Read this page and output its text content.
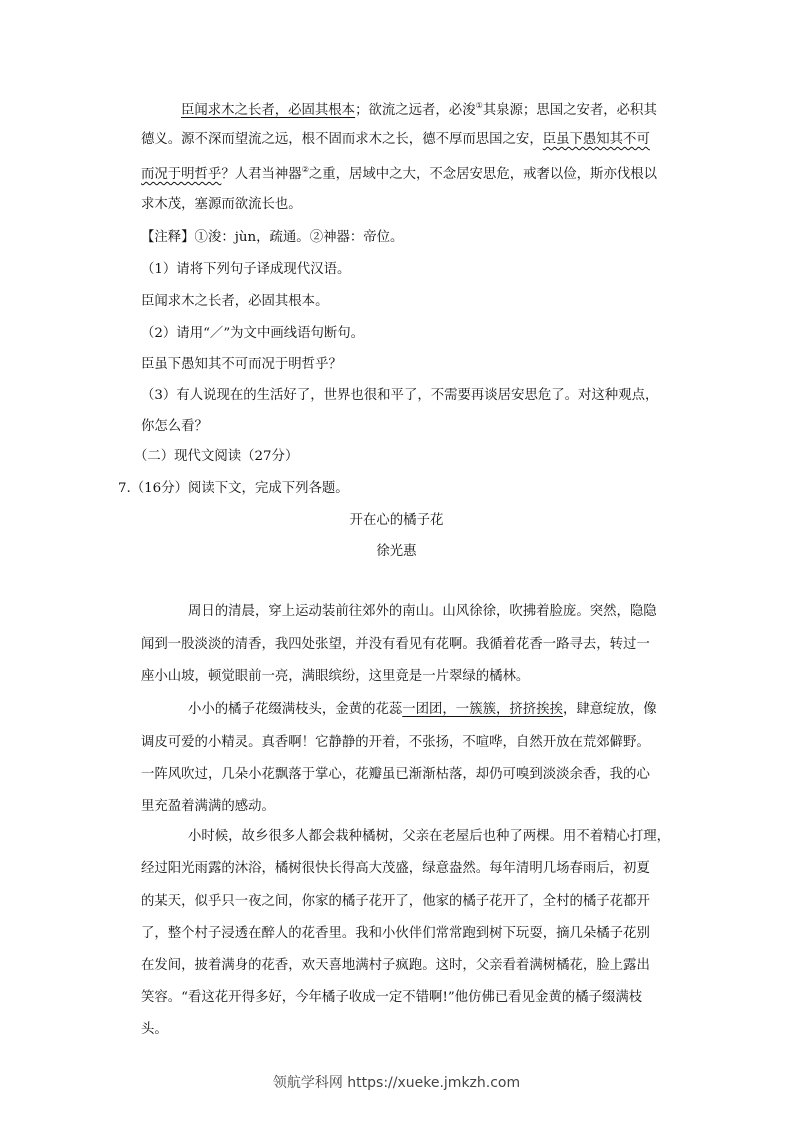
臣闻求木之长者，必固其根本；欲流之远者，必浚①其泉源；思国之安者，必积其
德义。源不深而望流之远，根不固而求木之长，德不厚而思国之安，臣虽下愚知其不可
而况于明哲乎？人君当神器②之重，居域中之大，不念居安思危，戒奢以俭，斯亦伐根以
求木茂，塞源而欲流长也。
【注释】①浚：jùn，疏通。②神器：帝位。
（1）请将下列句子译成现代汉语。
臣闻求木之长者，必固其根本。
（2）请用“／”为文中画线语句断句。
臣虽下愚知其不可而况于明哲乎？
（3）有人说现在的生活好了，世界也很和平了，不需要再谈居安思危了。对这种观点，
你怎么看？
（二）现代文阅读（27分）
7.（16分）阅读下文，完成下列各题。
开在心的橘子花
徐光惠
周日的清晨，穿上运动装前往郊外的南山。山风徐徐，吹拂着脸庞。突然，隐隐
闻到一股淡淡的清香，我四处张望，并没有看见有花啊。我循着花香一路寻去，转过一
座小山坡，顿觉眼前一亮，满眼缤纷，这里竟是一片翠绿的橘林。
小小的橘子花缀满枝头，金黄的花蕊一团团，一簇簇，挤挤挨挨，肆意绽放，像
调皮可爱的小精灵。真香啊！它静静的开着，不张扬，不喧哗，自然开放在荒郊僻野。
一阵风吹过，几朵小花飘落于掌心，花瓣虽已渐渐枯落，却仍可嗅到淡淡余香，我的心
里充盈着满满的感动。
小时候，故乡很多人都会栽种橘树，父亲在老屋后也种了两棵。用不着精心打理，
经过阳光雨露的沐浴，橘树很快长得高大茂盛，绿意盎然。每年清明几场春雨后，初夏
的某天，似乎只一夜之间，你家的橘子花开了，他家的橘子花开了，全村的橘子花都开
了，整个村子浸透在醉人的花香里。我和小伙伴们常常跑到树下玩耍，摘几朵橘子花别
在发间，披着满身的花香，欢天喜地满村子疯跑。这时，父亲看着满树橘花，脸上露出
笑容。“看这花开得多好，今年橘子收成一定不错啊!”他仿佛已看见金黄的橘子缀满枝
头。
领航学科网 https://xueke.jmkzh.com
